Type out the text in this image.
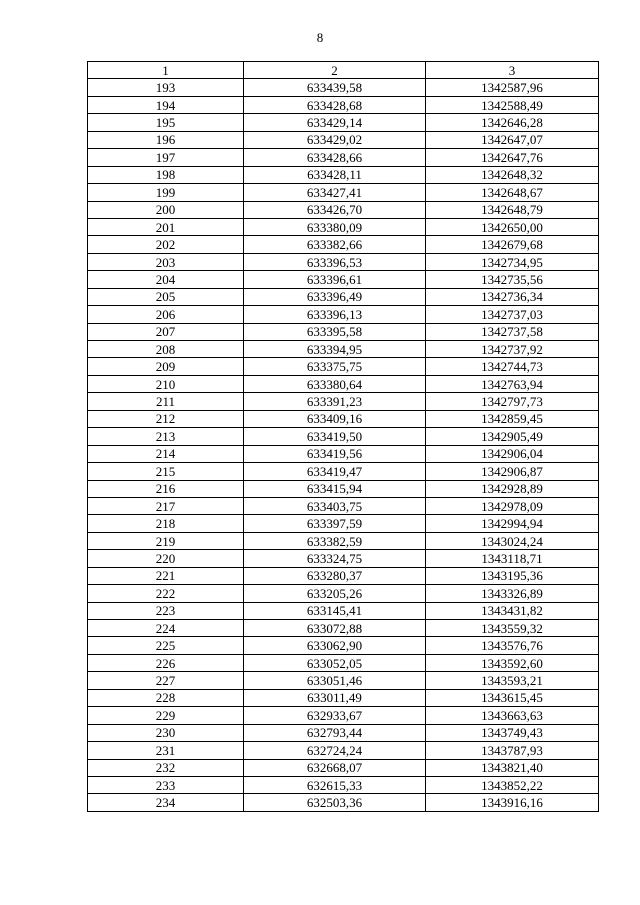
8
1	2	3
193	633439,58	1342587,96
194	633428,68	1342588,49
195	633429,14	1342646,28
196	633429,02	1342647,07
197	633428,66	1342647,76
198	633428,11	1342648,32
199	633427,41	1342648,67
200	633426,70	1342648,79
201	633380,09	1342650,00
202	633382,66	1342679,68
203	633396,53	1342734,95
204	633396,61	1342735,56
205	633396,49	1342736,34
206	633396,13	1342737,03
207	633395,58	1342737,58
208	633394,95	1342737,92
209	633375,75	1342744,73
210	633380,64	1342763,94
211	633391,23	1342797,73
212	633409,16	1342859,45
213	633419,50	1342905,49
214	633419,56	1342906,04
215	633419,47	1342906,87
216	633415,94	1342928,89
217	633403,75	1342978,09
218	633397,59	1342994,94
219	633382,59	1343024,24
220	633324,75	1343118,71
221	633280,37	1343195,36
222	633205,26	1343326,89
223	633145,41	1343431,82
224	633072,88	1343559,32
225	633062,90	1343576,76
226	633052,05	1343592,60
227	633051,46	1343593,21
228	633011,49	1343615,45
229	632933,67	1343663,63
230	632793,44	1343749,43
231	632724,24	1343787,93
232	632668,07	1343821,40
233	632615,33	1343852,22
234	632503,36	1343916,16
